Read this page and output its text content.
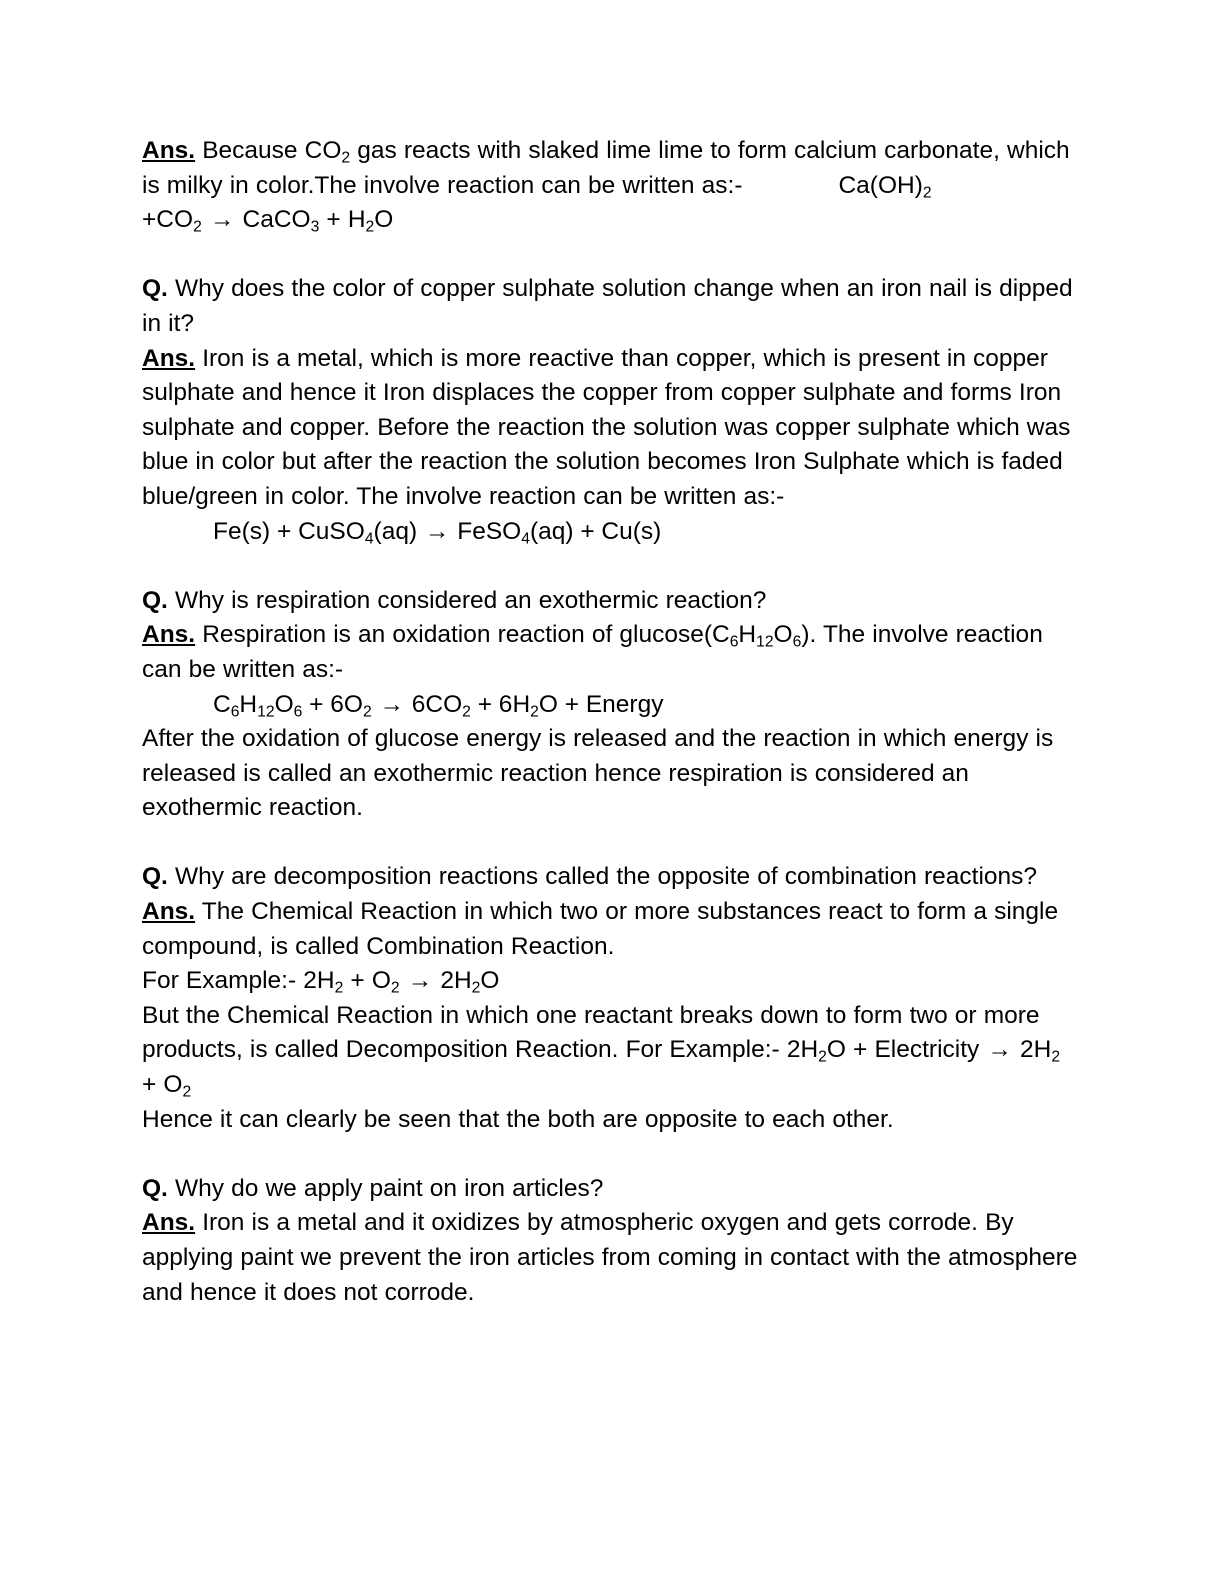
Ans. Because $CO_2$ gas reacts with slaked lime lime to form calcium carbonate, which is milky in color.The involve reaction can be written as:-	$Ca(OH)_2$

$+CO_2$ → CaCO$_3$ + $H_2O$

Q. Why does the color of copper sulphate solution change when an iron nail is dipped in it?

Ans. Iron is a metal, which is more reactive than copper, which is present in copper sulphate and hence it Iron displaces the copper from copper sulphate and forms Iron sulphate and copper. Before the reaction the solution was copper sulphate which was blue in color but after the reaction the solution becomes Iron Sulphate which is faded blue/green in color. The involve reaction can be written as:-

Fe(s) + CuSO$_4$(aq) → FeSO$_4$(aq) + Cu(s)

Q. Why is respiration considered an exothermic reaction?

Ans. Respiration is an oxidation reaction of $glucose(C_6H_{12}O_6)$. The involve reaction can be written as:-

$C_6H_{12}O_6 + 6O_2 \to 6CO_2 + 6H_2O$ + Energy

After the oxidation of glucose energy is released and the reaction in which energy is released is called an exothermic reaction hence respiration is considered an exothermic reaction.

Q. Why are decomposition reactions called the opposite of combination reactions?

Ans. The Chemical Reaction in which two or more substances react to form a single compound, is called Combination Reaction.

For Example:- $2H_2 + O_2 \to 2H_2O$

But the Chemical Reaction in which one reactant breaks down to form two or more products, is called Decomposition Reaction. For Example:- $2H_2O$ + Electricity → $2H_2 + O_2$

Hence it can clearly be seen that the both are opposite to each other.

Q. Why do we apply paint on iron articles?

Ans. Iron is a metal and it oxidizes by atmospheric oxygen and gets corrode. By applying paint we prevent the iron articles from coming in contact with the atmosphere and hence it does not corrode.
